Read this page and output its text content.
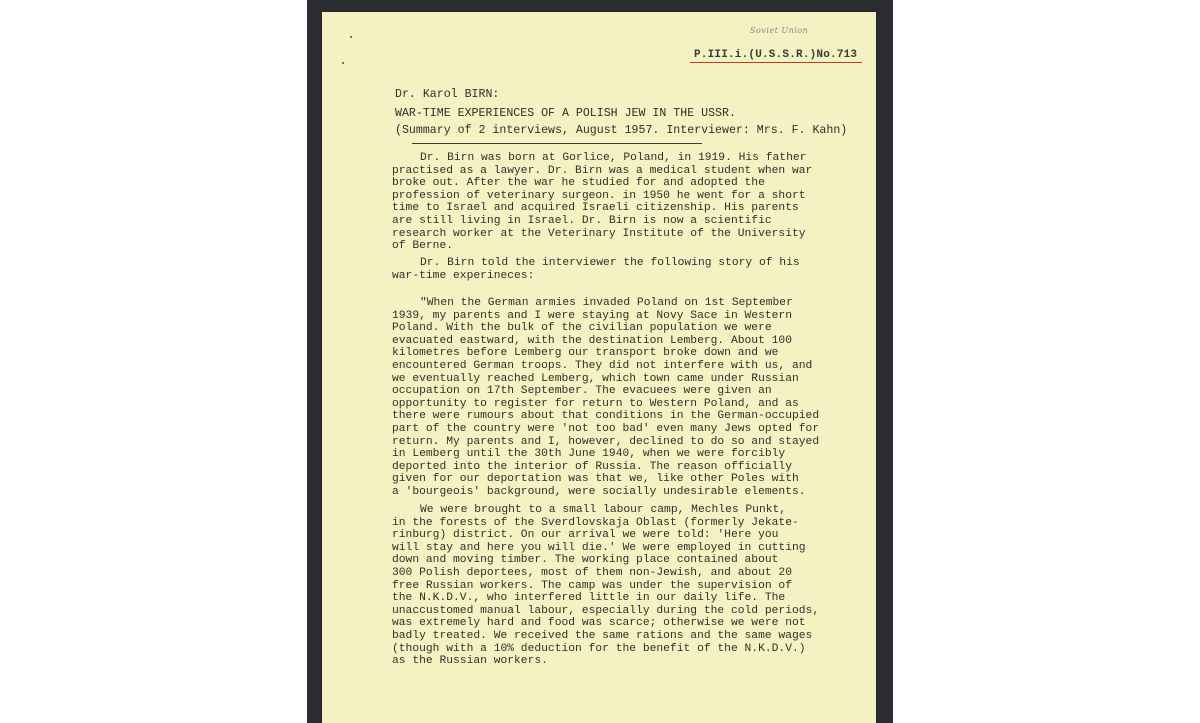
Soviet Union
P.III.i.(U.S.S.R.)No.713
Dr. Karol BIRN:
WAR-TIME EXPERIENCES OF A POLISH JEW IN THE USSR.
(Summary of 2 interviews, August 1957. Interviewer: Mrs. F. Kahn)
Dr. Birn was born at Gorlice, Poland, in 1919. His father
practised as a lawyer. Dr. Birn was a medical student when war
broke out. After the war he studied for and adopted the
profession of veterinary surgeon. in 1950 he went for a short
time to Israel and acquired Israeli citizenship. His parents
are still living in Israel. Dr. Birn is now a scientific
research worker at the Veterinary Institute of the University
of Berne.
Dr. Birn told the interviewer the following story of his
war-time experineces:
"When the German armies invaded Poland on 1st September
1939, my parents and I were staying at Novy Sace in Western
Poland. With the bulk of the civilian population we were
evacuated eastward, with the destination Lemberg. About 100
kilometres before Lemberg our transport broke down and we
encountered German troops. They did not interfere with us, and
we eventually reached Lemberg, which town came under Russian
occupation on 17th September. The evacuees were given an
opportunity to register for return to Western Poland, and as
there were rumours about that conditions in the German-occupied
part of the country were 'not too bad' even many Jews opted for
return. My parents and I, however, declined to do so and stayed
in Lemberg until the 30th June 1940, when we were forcibly
deported into the interior of Russia. The reason officially
given for our deportation was that we, like other Poles with
a 'bourgeois' background, were socially undesirable elements.
We were brought to a small labour camp, Mechles Punkt,
in the forests of the Sverdlovskaja Oblast (formerly Jekate-
rinburg) district. On our arrival we were told: 'Here you
will stay and here you will die.' We were employed in cutting
down and moving timber. The working place contained about
300 Polish deportees, most of them non-Jewish, and about 20
free Russian workers. The camp was under the supervision of
the N.K.D.V., who interfered little in our daily life. The
unaccustomed manual labour, especially during the cold periods,
was extremely hard and food was scarce; otherwise we were not
badly treated. We received the same rations and the same wages
(though with a 10% deduction for the benefit of the N.K.D.V.)
as the Russian workers.
